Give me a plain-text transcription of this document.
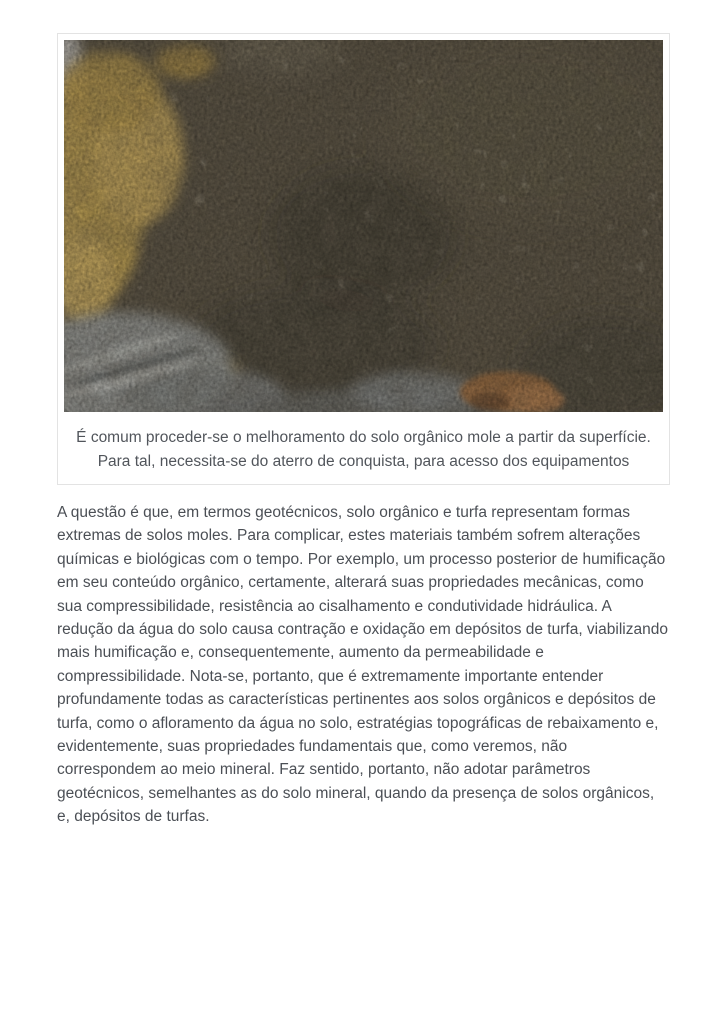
É comum proceder-se o melhoramento do solo orgânico mole a partir da superfície. Para tal, necessita-se do aterro de conquista, para acesso dos equipamentos

A questão é que, em termos geotécnicos, solo orgânico e turfa representam formas extremas de solos moles. Para complicar, estes materiais também sofrem alterações químicas e biológicas com o tempo. Por exemplo, um processo posterior de humificação em seu conteúdo orgânico, certamente, alterará suas propriedades mecânicas, como sua compressibilidade, resistência ao cisalhamento e condutividade hidráulica. A redução da água do solo causa contração e oxidação em depósitos de turfa, viabilizando mais humificação e, consequentemente, aumento da permeabilidade e compressibilidade. Nota-se, portanto, que é extremamente importante entender profundamente todas as características pertinentes aos solos orgânicos e depósitos de turfa, como o afloramento da água no solo, estratégias topográficas de rebaixamento e, evidentemente, suas propriedades fundamentais que, como veremos, não correspondem ao meio mineral. Faz sentido, portanto, não adotar parâmetros geotécnicos, semelhantes as do solo mineral, quando da presença de solos orgânicos, e, depósitos de turfas.
